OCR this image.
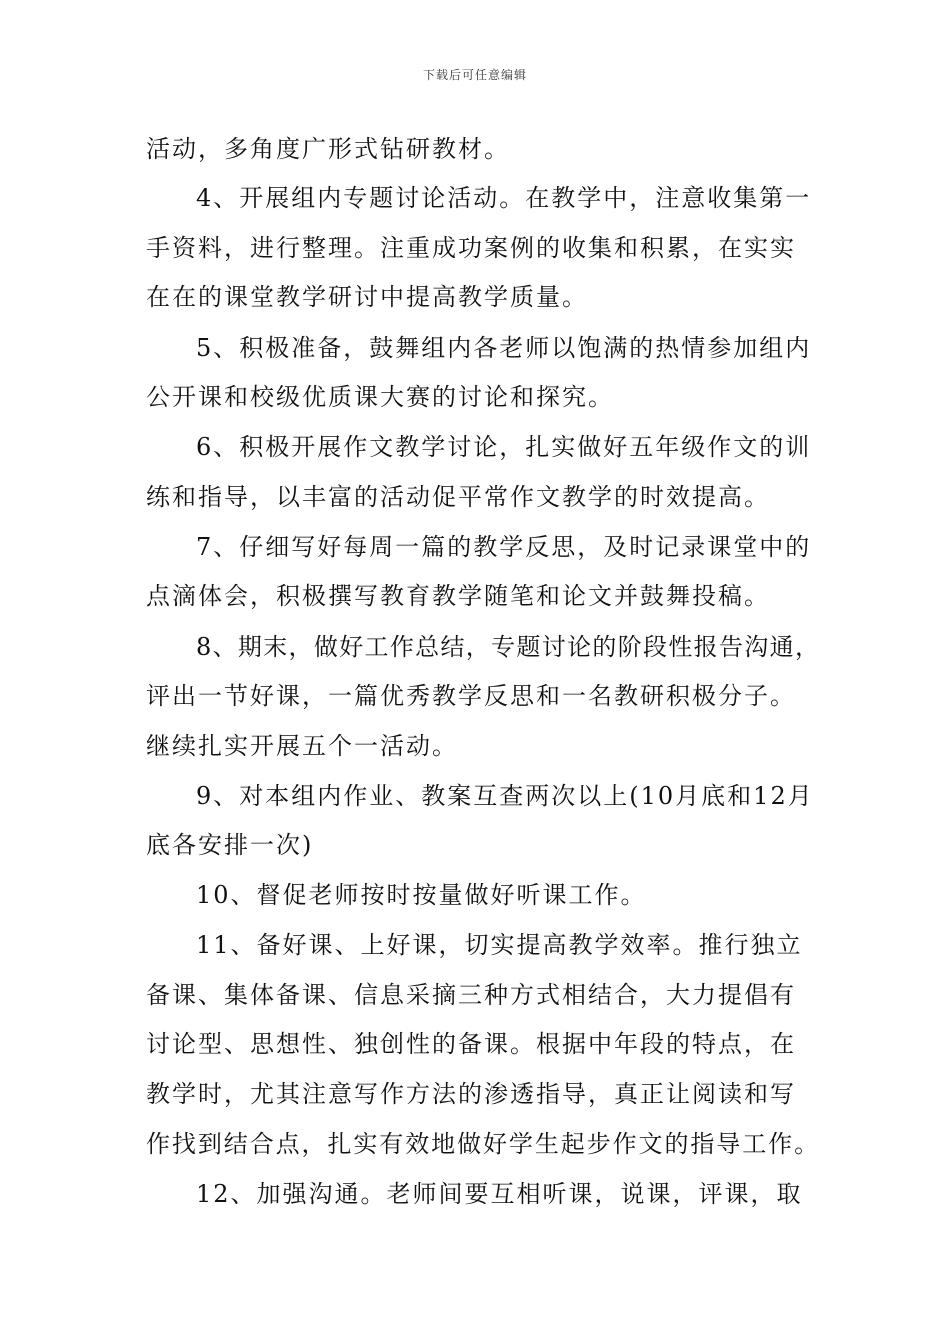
下载后可任意编辑
活动，多角度广形式钻研教材。
4、开展组内专题讨论活动。在教学中，注意收集第一
手资料，进行整理。注重成功案例的收集和积累，在实实
在在的课堂教学研讨中提高教学质量。
5、积极准备，鼓舞组内各老师以饱满的热情参加组内
公开课和校级优质课大赛的讨论和探究。
6、积极开展作文教学讨论，扎实做好五年级作文的训
练和指导，以丰富的活动促平常作文教学的时效提高。
7、仔细写好每周一篇的教学反思，及时记录课堂中的
点滴体会，积极撰写教育教学随笔和论文并鼓舞投稿。
8、期末，做好工作总结，专题讨论的阶段性报告沟通，
评出一节好课，一篇优秀教学反思和一名教研积极分子。
继续扎实开展五个一活动。
9、对本组内作业、教案互查两次以上(10月底和12月
底各安排一次)
10、督促老师按时按量做好听课工作。
11、备好课、上好课，切实提高教学效率。推行独立
备课、集体备课、信息采摘三种方式相结合，大力提倡有
讨论型、思想性、独创性的备课。根据中年段的特点，在
教学时，尤其注意写作方法的渗透指导，真正让阅读和写
作找到结合点，扎实有效地做好学生起步作文的指导工作。
12、加强沟通。老师间要互相听课，说课，评课，取
